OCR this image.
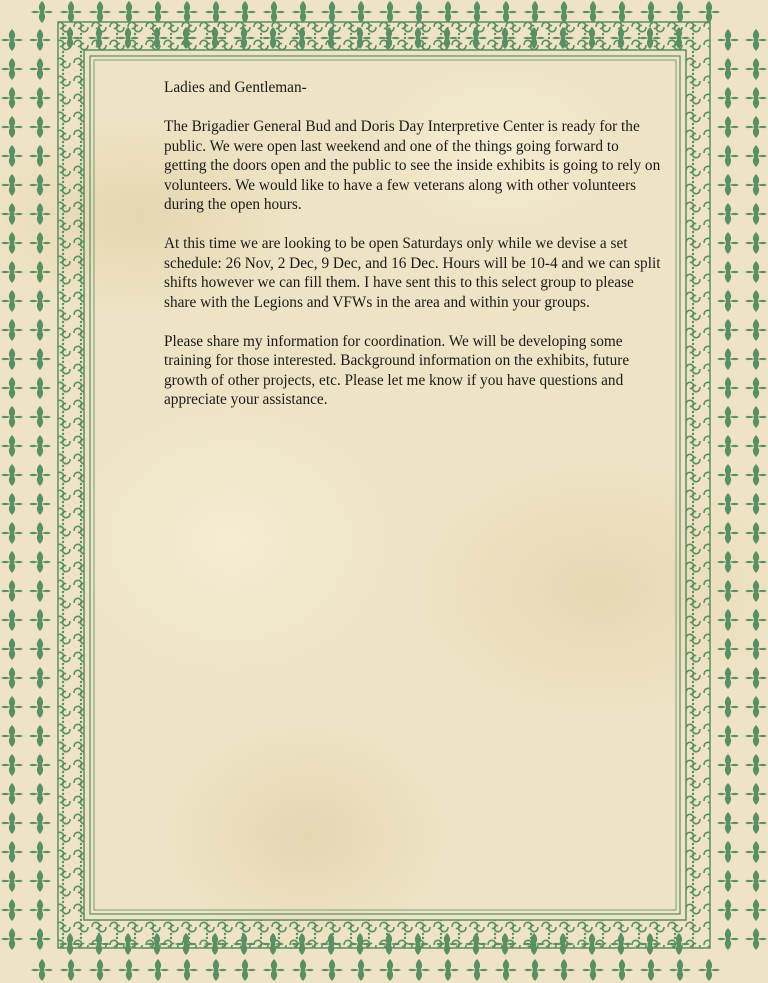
Ladies and Gentleman-

The Brigadier General Bud and Doris Day Interpretive Center is ready for the public. We were open last weekend and one of the things going forward to getting the doors open and the public to see the inside exhibits is going to rely on volunteers. We would like to have a few veterans along with other volunteers during the open hours.

At this time we are looking to be open Saturdays only while we devise a set schedule: 26 Nov, 2 Dec, 9 Dec, and 16 Dec. Hours will be 10-4 and we can split shifts however we can fill them. I have sent this to this select group to please share with the Legions and VFWs in the area and within your groups.

Please share my information for coordination. We will be developing some training for those interested. Background information on the exhibits, future growth of other projects, etc. Please let me know if you have questions and appreciate your assistance.
